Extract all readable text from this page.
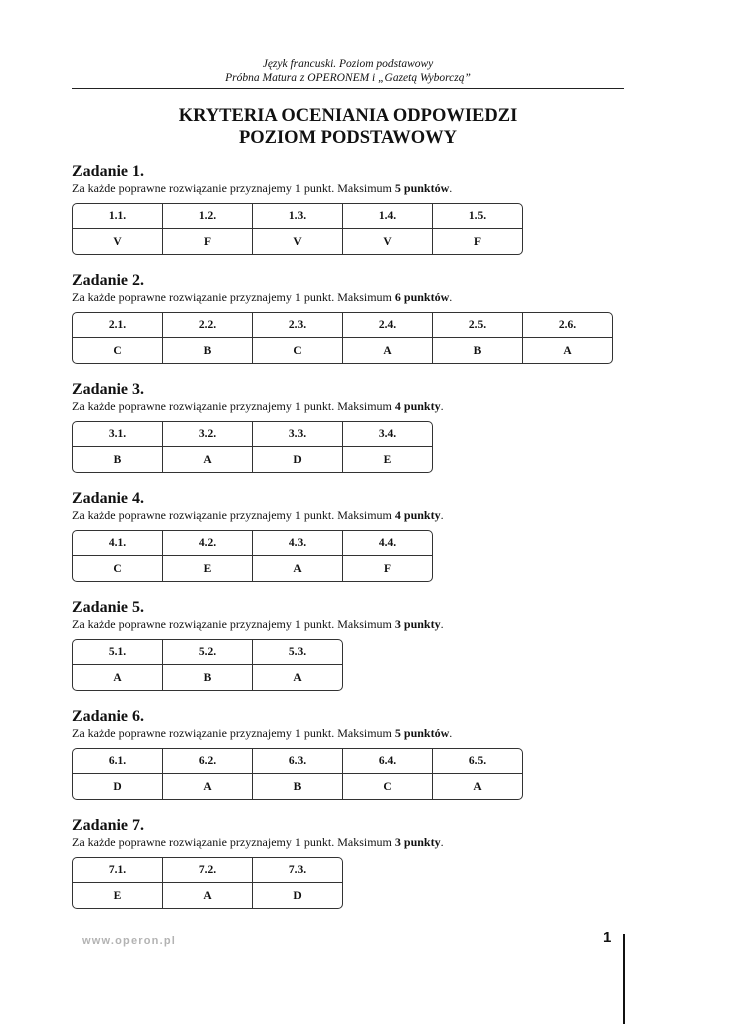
Język francuski. Poziom podstawowy
Próbna Matura z OPERONEM i „Gazetą Wyborczą”
KRYTERIA OCENIANIA ODPOWIEDZI
POZIOM PODSTAWOWY

Zadanie 1.

Za każde poprawne rozwiązanie przyznajemy 1 punkt. Maksimum 5 punktów.

1.1.
V
1.2.
F
1.3.
V
1.4.
V
1.5.
F

Zadanie 2.

Za każde poprawne rozwiązanie przyznajemy 1 punkt. Maksimum 6 punktów.

2.1.
C
2.2.
B
2.3.
C
2.4.
A
2.5.
B
2.6.
A

Zadanie 3.

Za każde poprawne rozwiązanie przyznajemy 1 punkt. Maksimum 4 punkty.

3.1.
B
3.2.
A
3.3.
D
3.4.
E

Zadanie 4.

Za każde poprawne rozwiązanie przyznajemy 1 punkt. Maksimum 4 punkty.

4.1.
C
4.2.
E
4.3.
A
4.4.
F

Zadanie 5.

Za każde poprawne rozwiązanie przyznajemy 1 punkt. Maksimum 3 punkty.

5.1.
A
5.2.
B
5.3.
A

Zadanie 6.

Za każde poprawne rozwiązanie przyznajemy 1 punkt. Maksimum 5 punktów.

6.1.
D
6.2.
A
6.3.
B
6.4.
C
6.5.
A

Zadanie 7.

Za każde poprawne rozwiązanie przyznajemy 1 punkt. Maksimum 3 punkty.

7.1.
E
7.2.
A
7.3.
D
www.operon.pl	1
